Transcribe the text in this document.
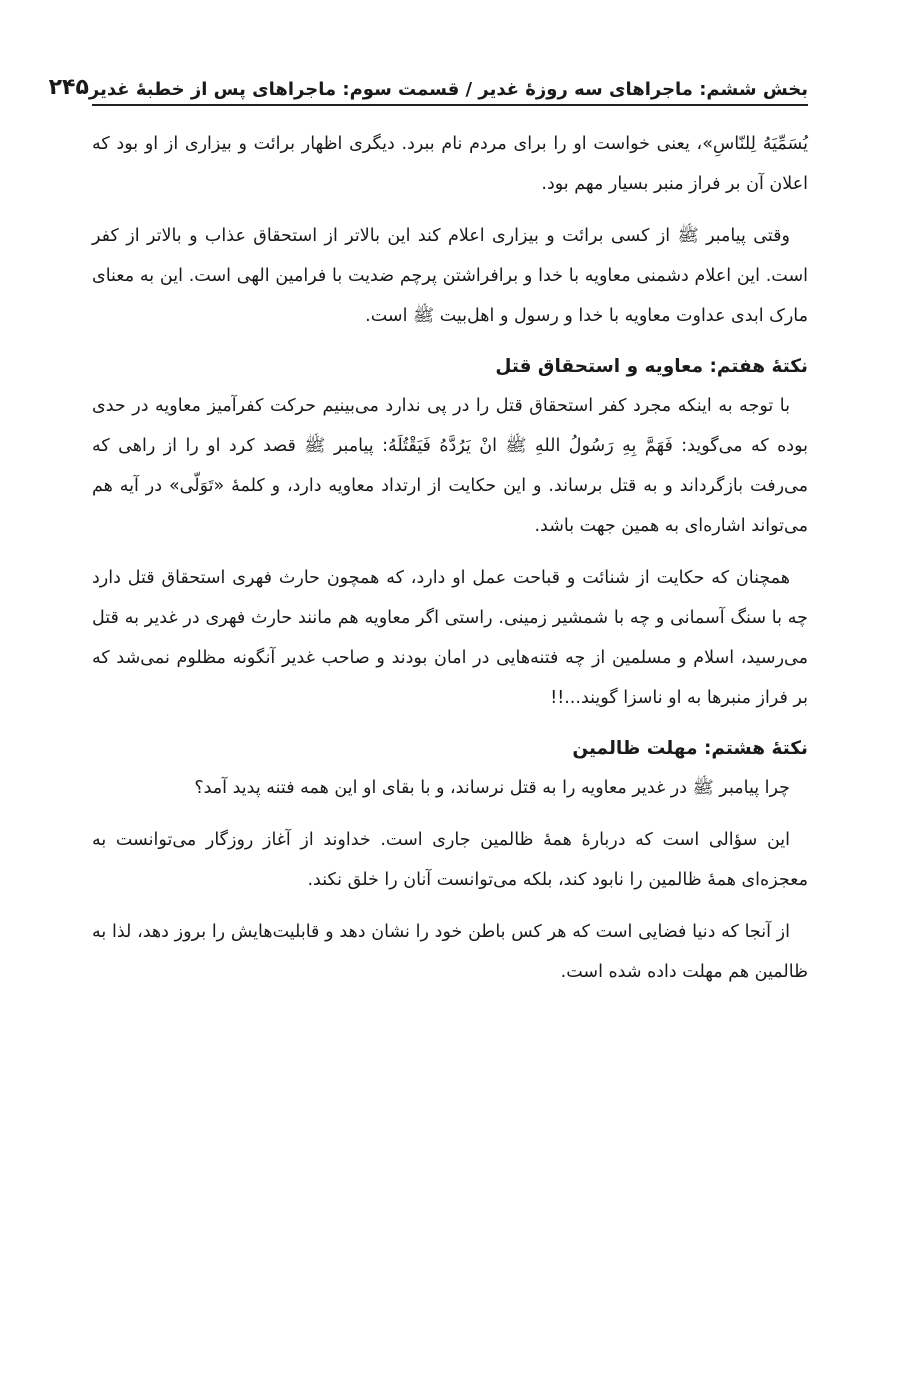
بخش ششم: ماجراهای سه روزهٔ غدیر / قسمت سوم: ماجراهای پس از خطبهٔ غدیر
۲۴۵

يُسَمِّيَهُ لِلنّاسِ»، یعنی خواست او را برای مردم نام ببرد. دیگری اظهار برائت و بیزاری از او بود که اعلان آن بر فراز منبر بسیار مهم بود.

وقتی پیامبر ﷺ از کسی برائت و بیزاری اعلام کند این بالاتر از استحقاق عذاب و بالاتر از کفر است. این اعلام دشمنی معاویه با خدا و برافراشتن پرچم ضدیت با فرامین الهی است. این به معنای مارک ابدی عداوت معاویه با خدا و رسول و اهل‌بیت ﷺ است.

نکتهٔ هفتم: معاویه و استحقاق قتل

با توجه به اینکه مجرد کفر استحقاق قتل را در پی ندارد می‌بینیم حرکت کفرآمیز معاویه در حدی بوده که می‌گوید: فَهَمَّ بِهِ رَسُولُ اللهِ ﷺ انْ يَرُدَّهُ فَيَقْتُلَهُ: پیامبر ﷺ قصد کرد او را از راهی که می‌رفت بازگرداند و به قتل برساند. و این حکایت از ارتداد معاویه دارد، و کلمهٔ «تَوَلّى» در آیه هم می‌تواند اشاره‌ای به همین جهت باشد.

همچنان که حکایت از شنائت و قباحت عمل او دارد، که همچون حارث فهری استحقاق قتل دارد چه با سنگ آسمانی و چه با شمشیر زمینی. راستی اگر معاویه هم مانند حارث فهری در غدیر به قتل می‌رسید، اسلام و مسلمین از چه فتنه‌هایی در امان بودند و صاحب غدیر آنگونه مظلوم نمی‌شد که بر فراز منبرها به او ناسزا گویند...!!

نکتهٔ هشتم: مهلت ظالمین

چرا پیامبر ﷺ در غدیر معاویه را به قتل نرساند، و با بقای او این همه فتنه پدید آمد؟

این سؤالی است که دربارهٔ همهٔ ظالمین جاری است. خداوند از آغاز روزگار می‌توانست به معجزه‌ای همهٔ ظالمین را نابود کند، بلکه می‌توانست آنان را خلق نکند.

از آنجا که دنیا فضایی است که هر کس باطن خود را نشان دهد و قابلیت‌هایش را بروز دهد، لذا به ظالمین هم مهلت داده شده است.
